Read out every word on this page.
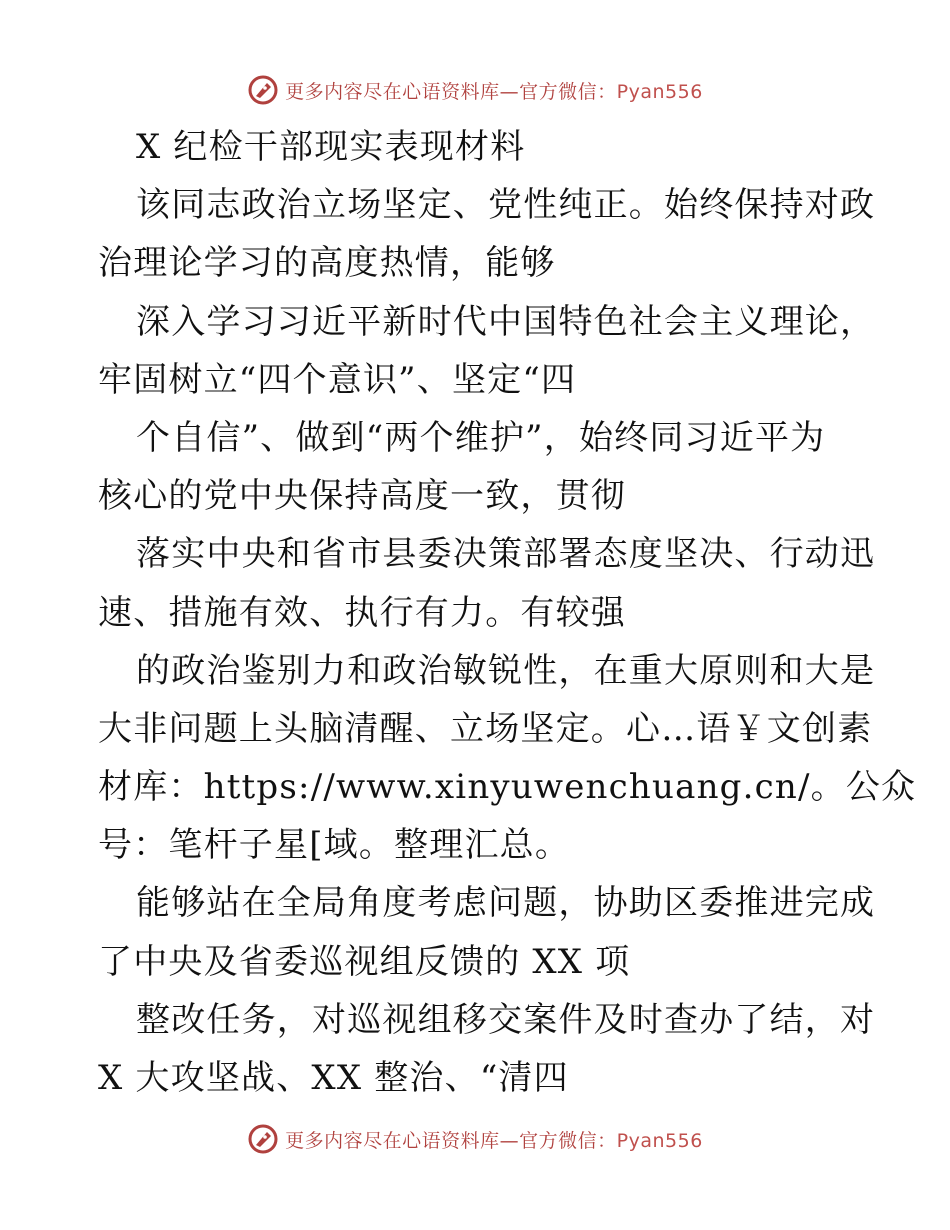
更多内容尽在心语资料库—官方微信：Pyan556
X 纪检干部现实表现材料
该同志政治立场坚定、党性纯正。始终保持对政
治理论学习的高度热情，能够
深入学习习近平新时代中国特色社会主义理论，
牢固树立“四个意识”、坚定“四
个自信”、做到“两个维护”，始终同习近平为
核心的党中央保持高度一致，贯彻
落实中央和省市县委决策部署态度坚决、行动迅
速、措施有效、执行有力。有较强
的政治鉴别力和政治敏锐性，在重大原则和大是
大非问题上头脑清醒、立场坚定。心…语￥文创素
材库：https://www.xinyuwenchuang.cn/。公众
号：笔杆子星[域。整理汇总。
能够站在全局角度考虑问题，协助区委推进完成
了中央及省委巡视组反馈的 XX 项
整改任务，对巡视组移交案件及时查办了结，对
X 大攻坚战、XX 整治、“清四
更多内容尽在心语资料库—官方微信：Pyan556
